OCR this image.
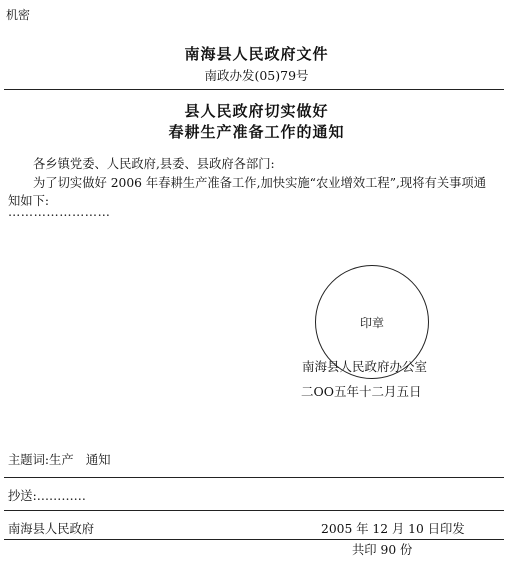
机密
南海县人民政府文件
南政办发(05)79号
县人民政府切实做好
春耕生产准备工作的通知
各乡镇党委、人民政府,县委、县政府各部门:
为了切实做好 2006 年春耕生产准备工作,加快实施“农业增效工程”,现将有关事项通
知如下:
……………………
印章
南海县人民政府办公室
二OO五年十二月五日
主题词:生产　通知
抄送:…………
南海县人民政府	2005 年 12 月 10 日印发
共印 90 份
